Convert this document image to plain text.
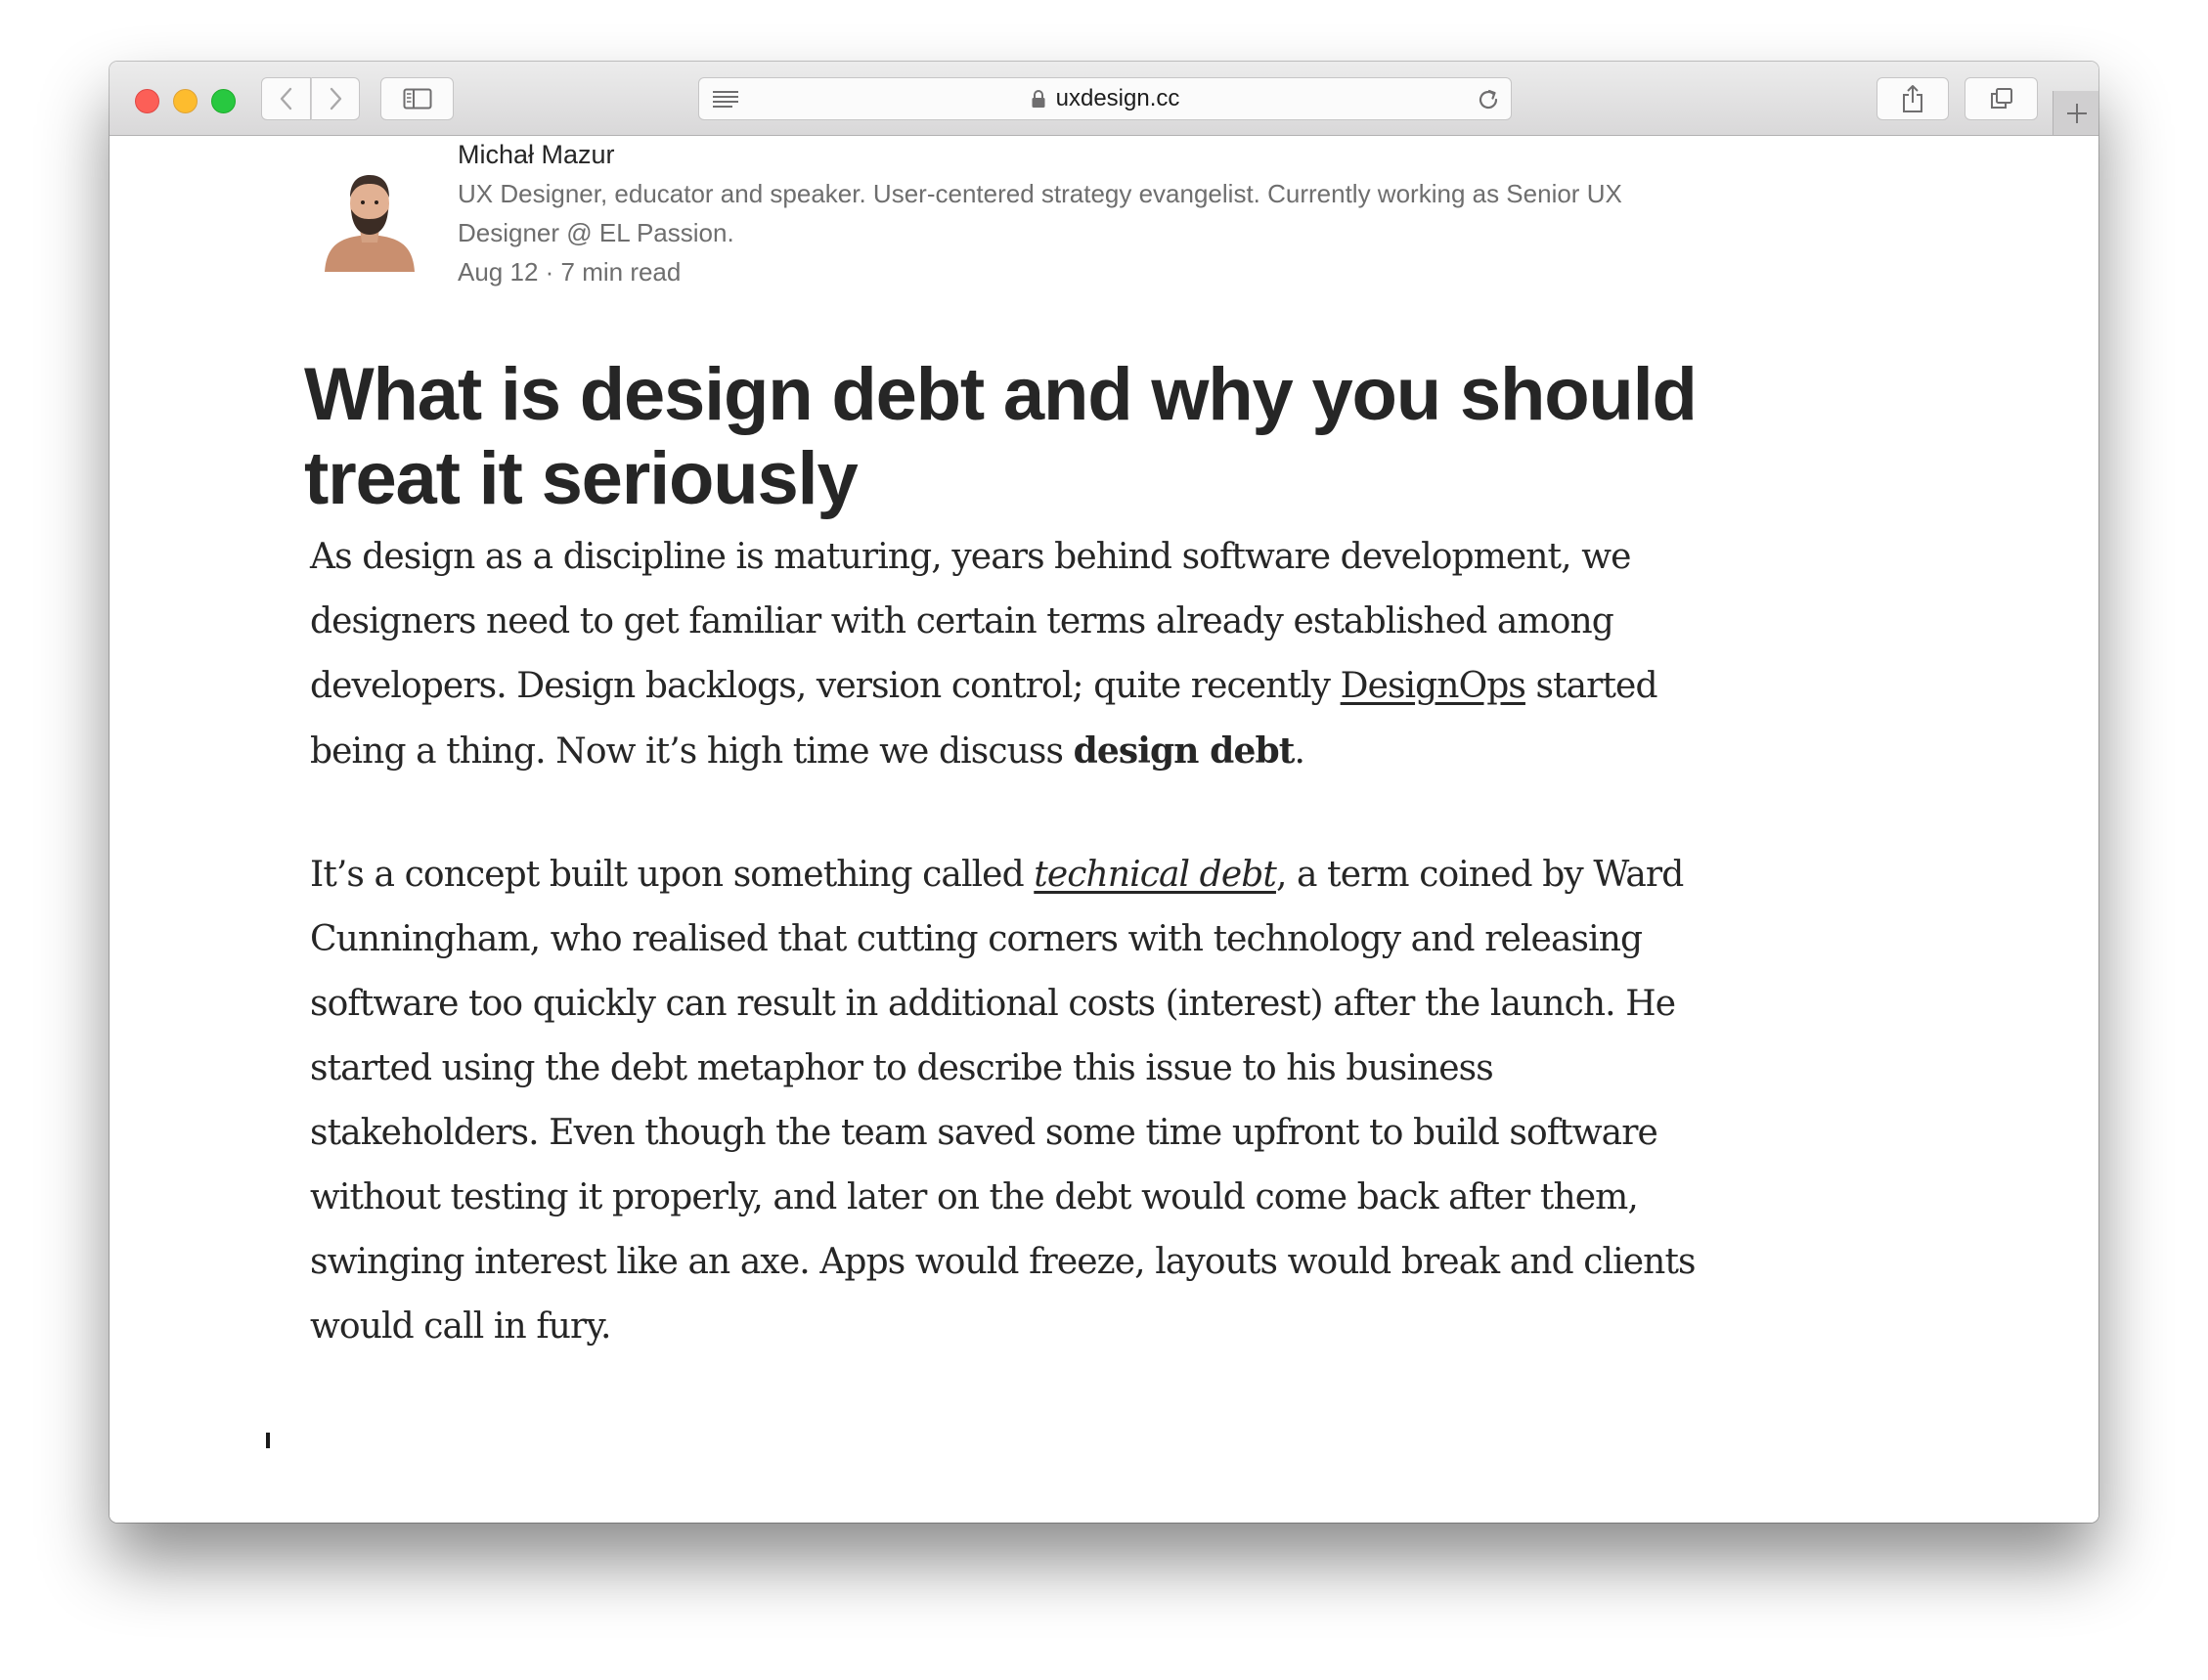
uxdesign.cc

Michał Mazur

UX Designer, educator and speaker. User-centered strategy evangelist. Currently working as Senior UX Designer @ EL Passion.

Aug 12 · 7 min read

What is design debt and why you should treat it seriously

As design as a discipline is maturing, years behind software development, we designers need to get familiar with certain terms already established among developers. Design backlogs, version control; quite recently DesignOps started being a thing. Now it’s high time we discuss design debt.

It’s a concept built upon something called technical debt, a term coined by Ward Cunningham, who realised that cutting corners with technology and releasing software too quickly can result in additional costs (interest) after the launch. He started using the debt metaphor to describe this issue to his business stakeholders. Even though the team saved some time upfront to build software without testing it properly, and later on the debt would come back after them, swinging interest like an axe. Apps would freeze, layouts would break and clients would call in fury.
